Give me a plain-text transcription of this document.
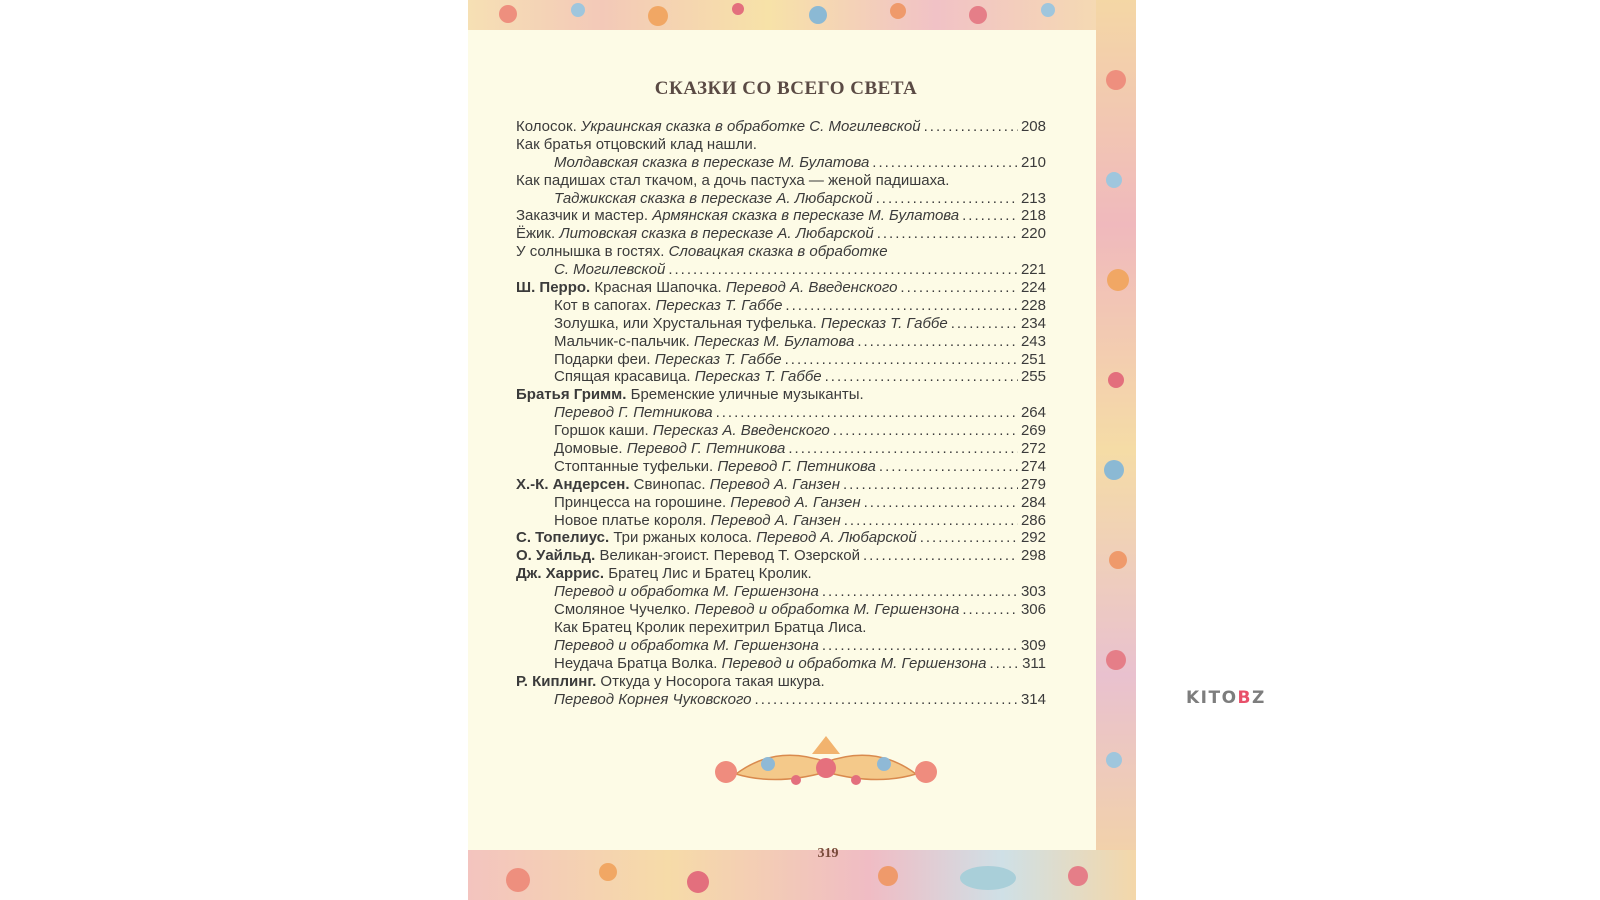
СКАЗКИ СО ВСЕГО СВЕТА
Колосок. Украинская сказка в обработке С. Могилевской .....	208
Как братья отцовский клад нашли.
Молдавская сказка в пересказе М. Булатова .....	210
Как падишах стал ткачом, а дочь пастуха — женой падишаха.
Таджикская сказка в пересказе А. Любарской .....	213
Заказчик и мастер. Армянская сказка в пересказе М. Булатова .....	218
Ёжик. Литовская сказка в пересказе А. Любарской .....	220
У солнышка в гостях. Словацкая сказка в обработке
С. Могилевской .....	221
Ш. Перро. Красная Шапочка. Перевод А. Введенского .....	224
Кот в сапогах. Пересказ Т. Габбе .....	228
Золушка, или Хрустальная туфелька. Пересказ Т. Габбе .....	234
Мальчик-с-пальчик. Пересказ М. Булатова .....	243
Подарки феи. Пересказ Т. Габбе .....	251
Спящая красавица. Пересказ Т. Габбе .....	255
Братья Гримм. Бременские уличные музыканты.
Перевод Г. Петникова .....	264
Горшок каши. Пересказ А. Введенского .....	269
Домовые. Перевод Г. Петникова .....	272
Стоптанные туфельки. Перевод Г. Петникова .....	274
Х.-К. Андерсен. Свинопас. Перевод А. Ганзен .....	279
Принцесса на горошине. Перевод А. Ганзен .....	284
Новое платье короля. Перевод А. Ганзен .....	286
С. Топелиус. Три ржаных колоса. Перевод А. Любарской .....	292
О. Уайльд. Великан-эгоист. Перевод Т. Озерской .....	298
Дж. Харрис. Братец Лис и Братец Кролик.
Перевод и обработка М. Гершензона .....	303
Смоляное Чучелко. Перевод и обработка М. Гершензона .....	306
Как Братец Кролик перехитрил Братца Лиса.
Перевод и обработка М. Гершензона .....	309
Неудача Братца Волка. Перевод и обработка М. Гершензона ..... 311
Р. Киплинг. Откуда у Носорога такая шкура.
Перевод Корнея Чуковского .....	314
319
KITOBZ
